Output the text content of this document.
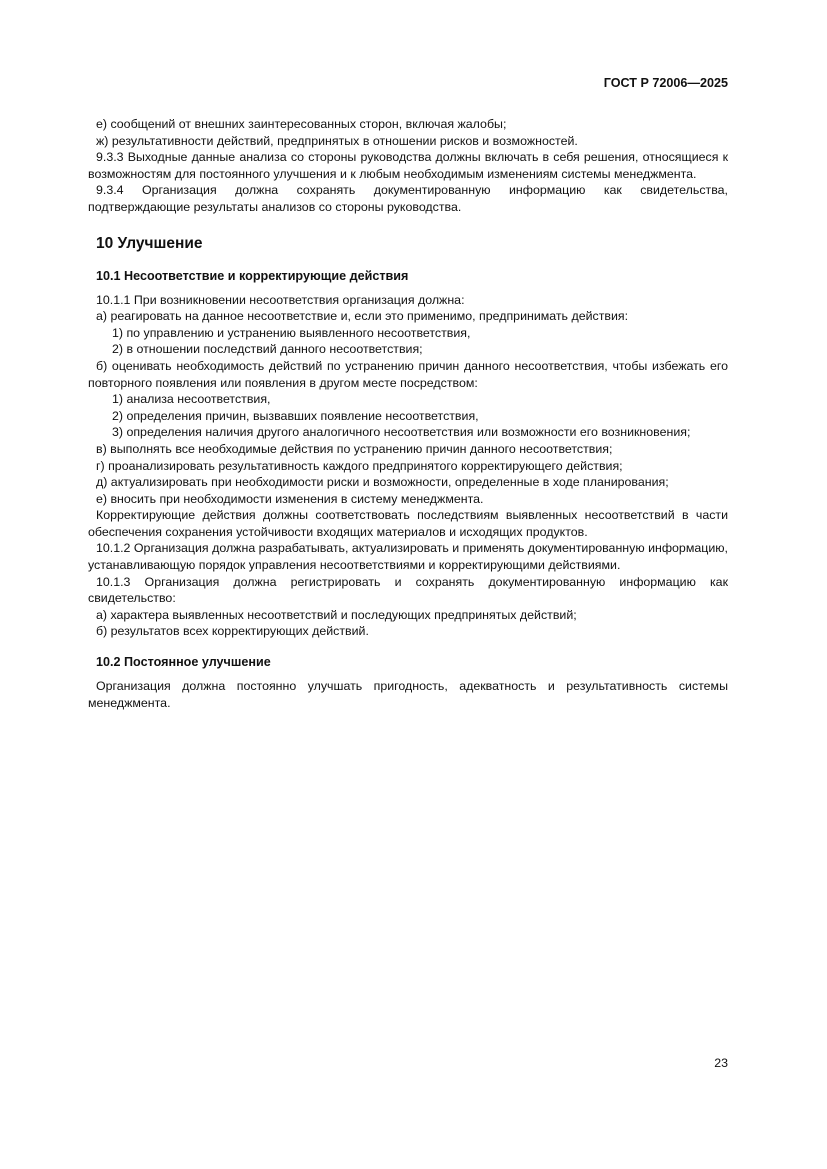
ГОСТ Р 72006—2025

е) сообщений от внешних заинтересованных сторон, включая жалобы;

ж) результативности действий, предпринятых в отношении рисков и возможностей.

9.3.3 Выходные данные анализа со стороны руководства должны включать в себя решения, относящиеся к возможностям для постоянного улучшения и к любым необходимым изменениям системы менеджмента.

9.3.4 Организация должна сохранять документированную информацию как свидетельства, подтверждающие результаты анализов со стороны руководства.

10 Улучшение
10.1 Несоответствие и корректирующие действия

10.1.1 При возникновении несоответствия организация должна:

а) реагировать на данное несоответствие и, если это применимо, предпринимать действия:

1) по управлению и устранению выявленного несоответствия,

2) в отношении последствий данного несоответствия;

б) оценивать необходимость действий по устранению причин данного несоответствия, чтобы избежать его повторного появления или появления в другом месте посредством:

1) анализа несоответствия,

2) определения причин, вызвавших появление несоответствия,

3) определения наличия другого аналогичного несоответствия или возможности его возникновения;

в) выполнять все необходимые действия по устранению причин данного несоответствия;

г) проанализировать результативность каждого предпринятого корректирующего действия;

д) актуализировать при необходимости риски и возможности, определенные в ходе планирования;

е) вносить при необходимости изменения в систему менеджмента.

Корректирующие действия должны соответствовать последствиям выявленных несоответствий в части обеспечения сохранения устойчивости входящих материалов и исходящих продуктов.

10.1.2 Организация должна разрабатывать, актуализировать и применять документированную информацию, устанавливающую порядок управления несоответствиями и корректирующими действиями.

10.1.3 Организация должна регистрировать и сохранять документированную информацию как свидетельство:

а) характера выявленных несоответствий и последующих предпринятых действий;

б) результатов всех корректирующих действий.

10.2 Постоянное улучшение

Организация должна постоянно улучшать пригодность, адекватность и результативность системы менеджмента.

23
